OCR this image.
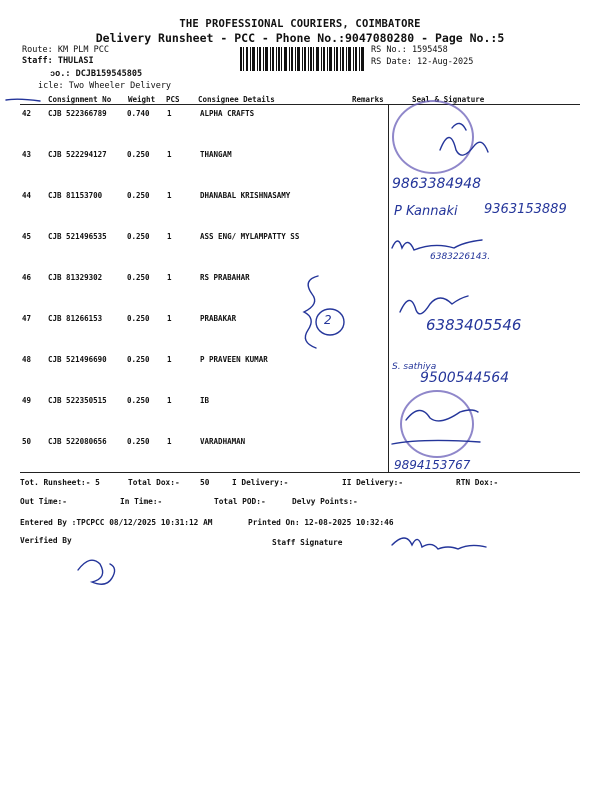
THE PROFESSIONAL COURIERS, COIMBATORE
Delivery Runsheet - PCC - Phone No.:9047080280 - Page No.:5
Route: KM PLM PCC
Staff: THULASI
ↄo.: DCJB159545805
icle: Two Wheeler Delivery
RS No.: 1595458
RS Date: 12-Aug-2025
Consignment No Weight PCS Consignee Details	Remarks	Seal & Signature
42 CJB 522366789	0.740 1	ALPHA CRAFTS
43 CJB 522294127	0.250 1	THANGAM
44 CJB 81153700	0.250 1	DHANABAL KRISHNASAMY
45 CJB 521496535	0.250 1	ASS ENG/ MYLAMPATTY SS
46 CJB 81329302	0.250 1	RS PRABAHAR
47 CJB 81266153	0.250 1	PRABAKAR
48 CJB 521496690	0.250 1	P PRAVEEN KUMAR
49 CJB 522350515	0.250 1	IB
50 CJB 522080656	0.250 1	VARADHAMAN
9863384948
P Kannaki 9363153889
6383226143.
2	6383405546
S. sathiya
9500544564
9894153767
Tot. Runsheet:- 5	Total Dox:-	50	I Delivery:-	II Delivery:-	RTN Dox:-
Out Time:-	In Time:-	Total POD:-	Delvy Points:-
Entered By :TPCPCC 08/12/2025 10:31:12 AM	Printed On: 12-08-2025 10:32:46
Verified By	Staff Signature
